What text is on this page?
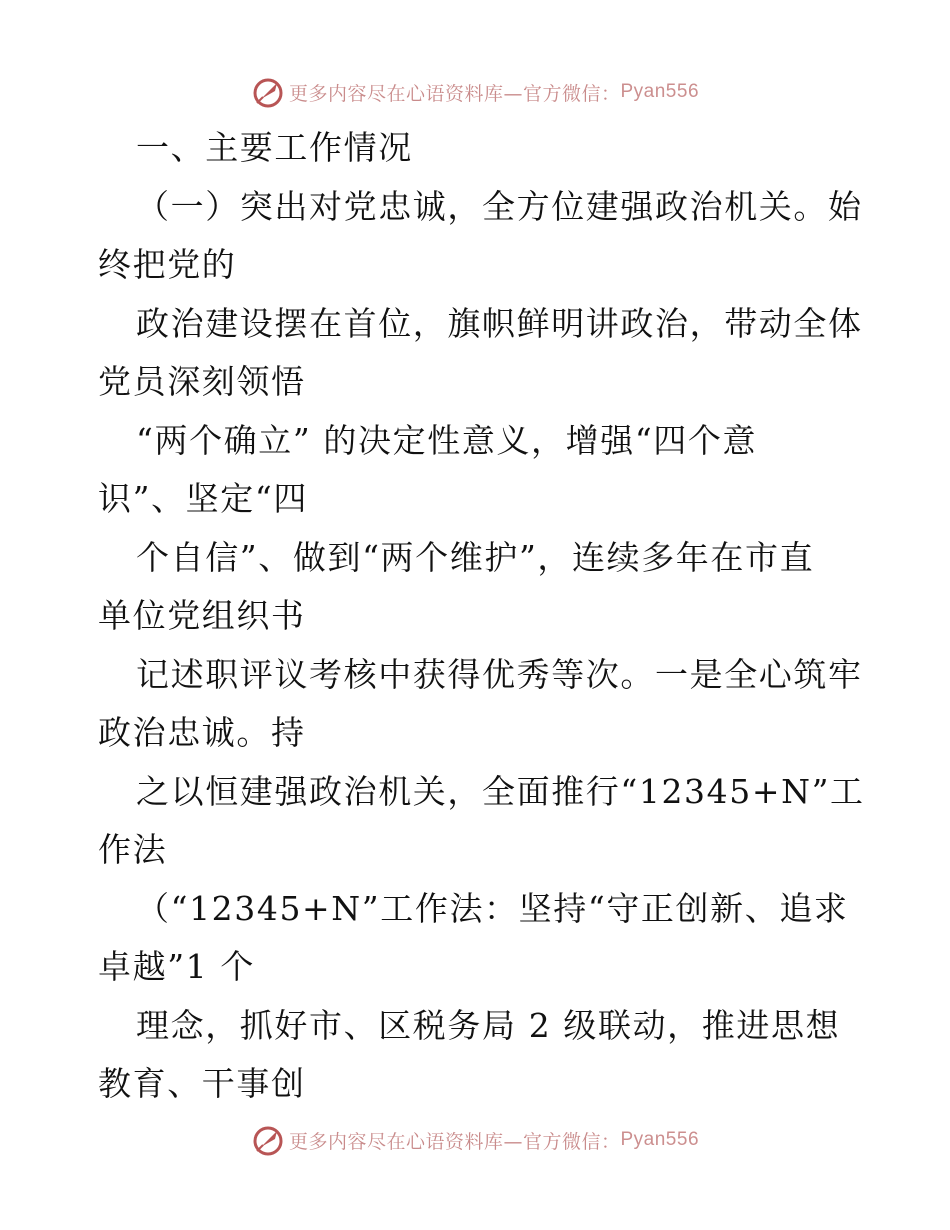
更多内容尽在心语资料库—官方微信： Pyan556
一、主要工作情况
（一）突出对党忠诚，全方位建强政治机关。始
终把党的
政治建设摆在首位，旗帜鲜明讲政治，带动全体
党员深刻领悟
“两个确立” 的决定性意义，增强“四个意
识”、坚定“四
个自信”、做到“两个维护”，连续多年在市直
单位党组织书
记述职评议考核中获得优秀等次。一是全心筑牢
政治忠诚。持
之以恒建强政治机关，全面推行“12345+N”工
作法
（“12345+N”工作法：坚持“守正创新、追求
卓越”1 个
理念，抓好市、区税务局 2 级联动，推进思想
教育、干事创
更多内容尽在心语资料库—官方微信： Pyan556
